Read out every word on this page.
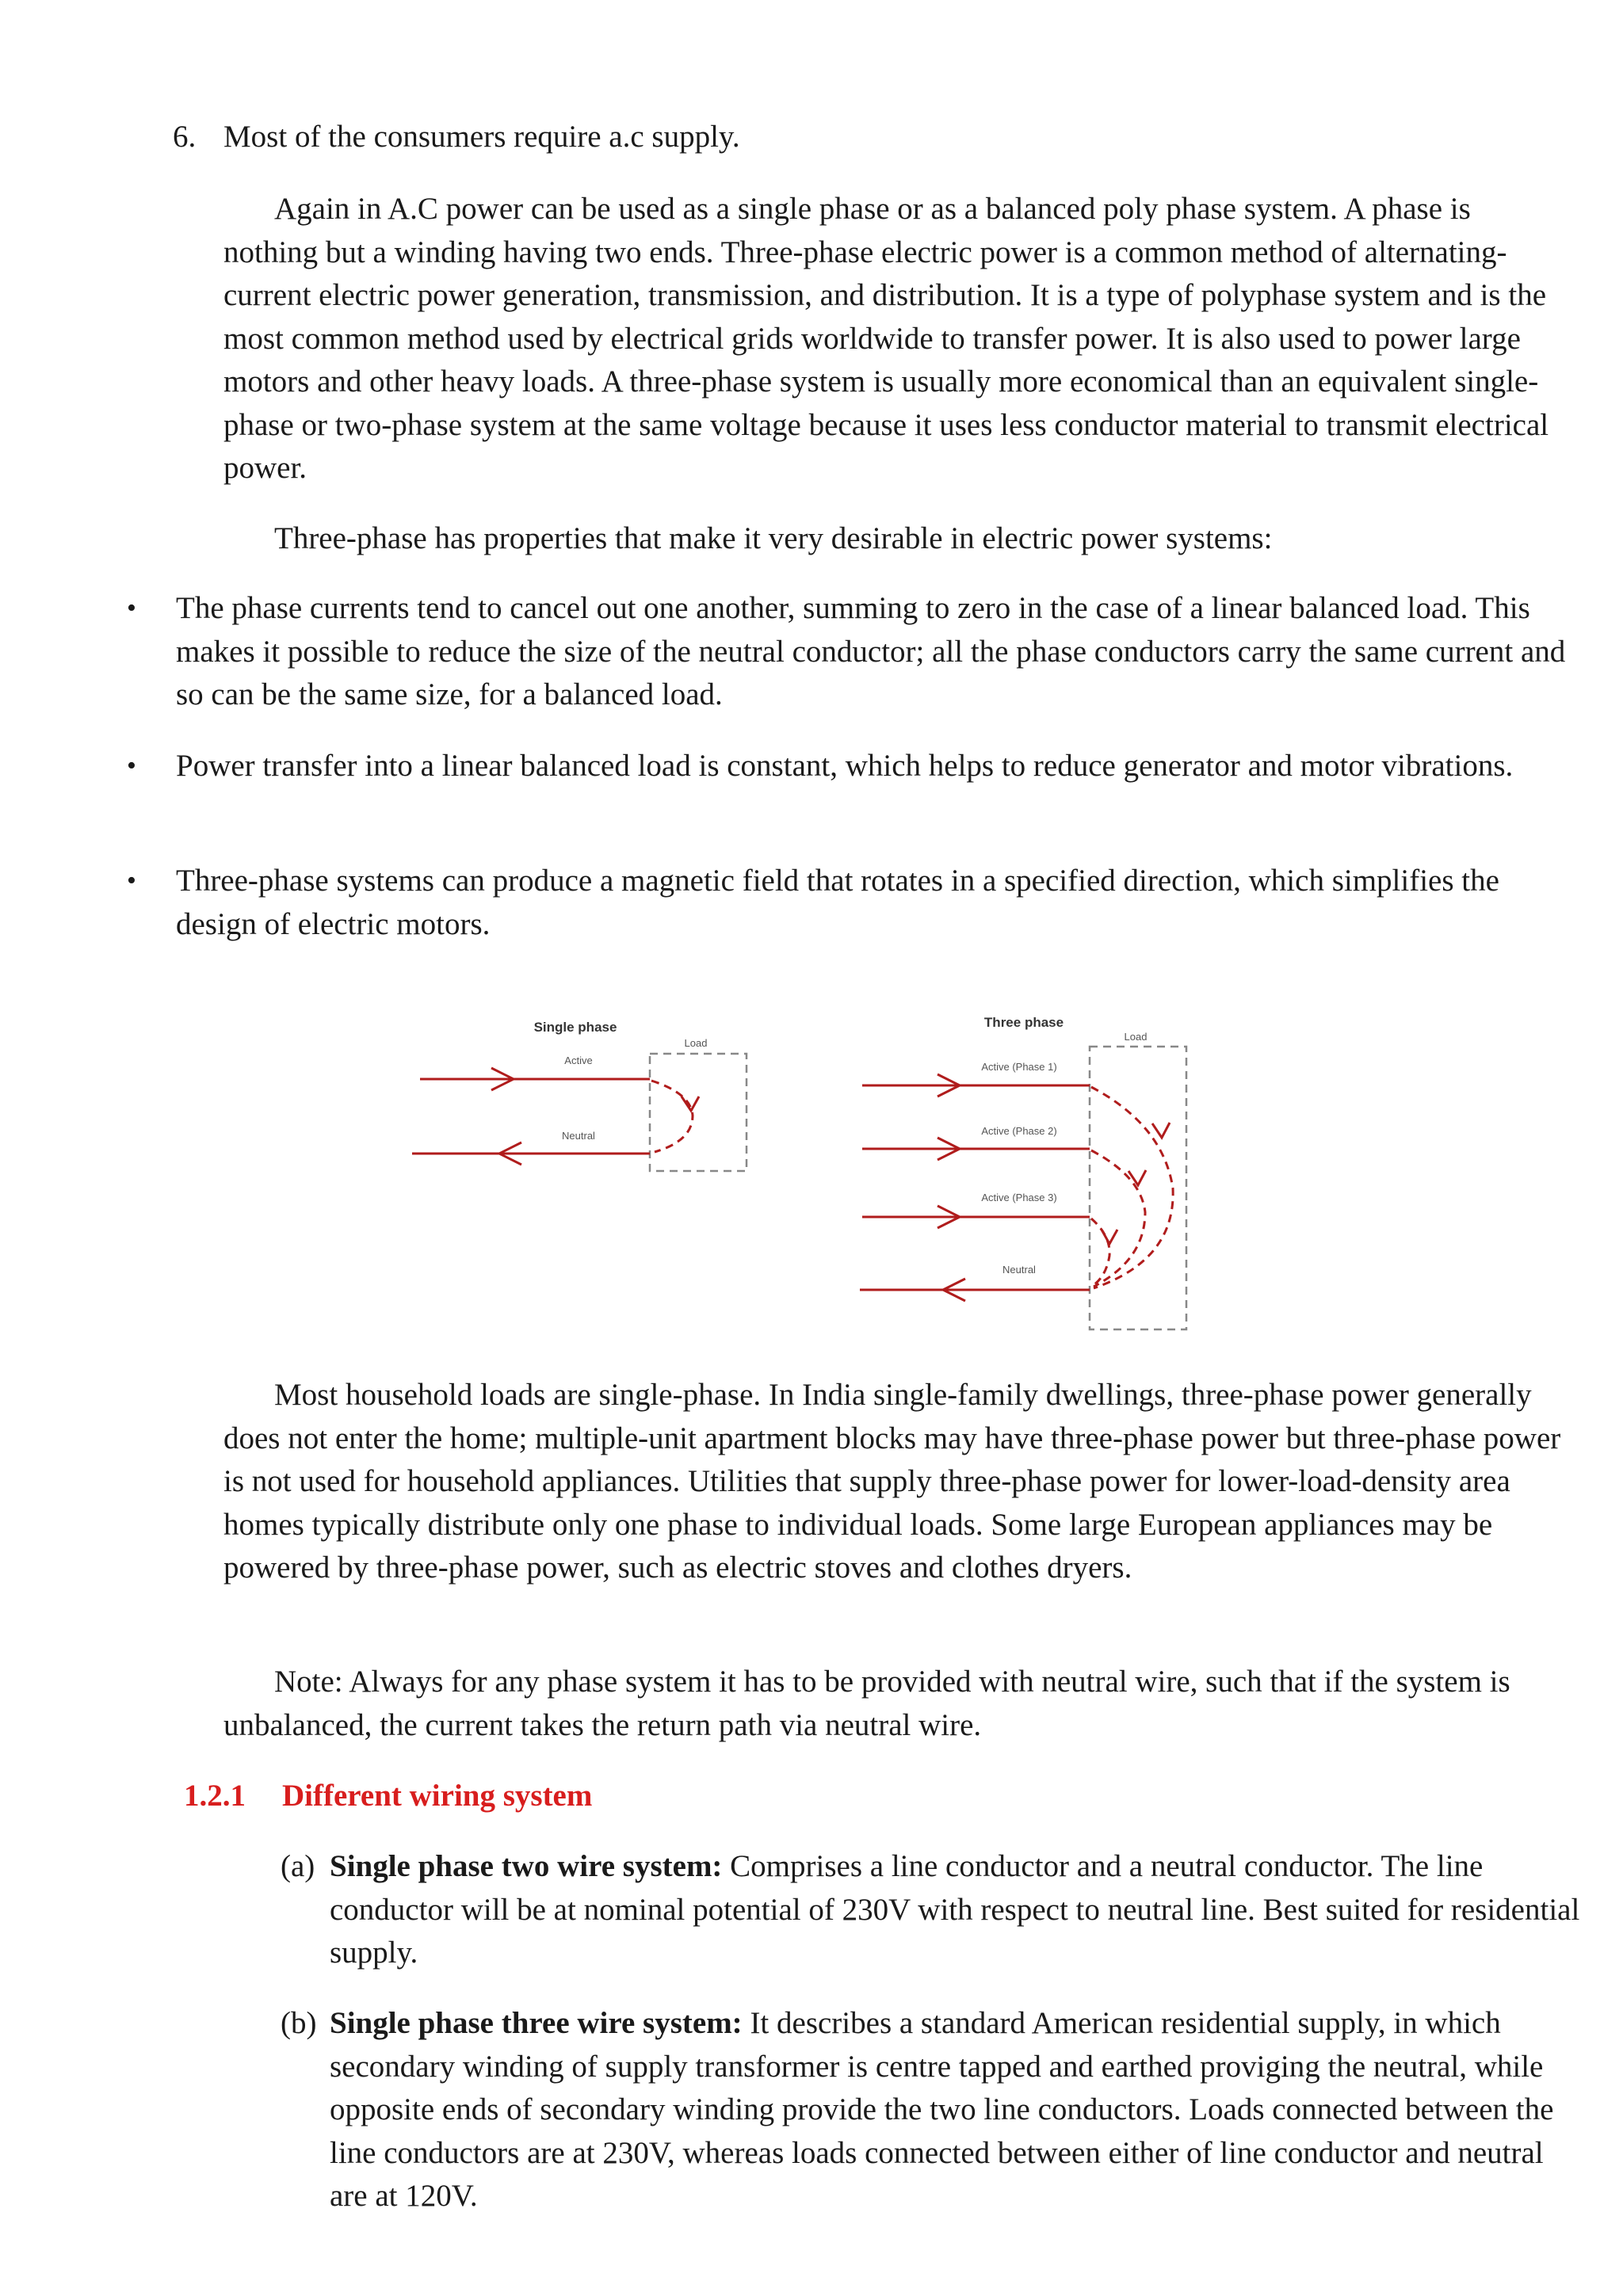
6. Most of the consumers require a.c supply.

Again in A.C power can be used as a single phase or as a balanced poly phase system. A phase is nothing but a winding having two ends. Three-phase electric power is a common method of alternating-current electric power generation, transmission, and distribution. It is a type of polyphase system and is the most common method used by electrical grids worldwide to transfer power. It is also used to power large motors and other heavy loads. A three-phase system is usually more economical than an equivalent single-phase or two-phase system at the same voltage because it uses less conductor material to transmit electrical power.

Three-phase has properties that make it very desirable in electric power systems:

• The phase currents tend to cancel out one another, summing to zero in the case of a linear balanced load. This makes it possible to reduce the size of the neutral conductor; all the phase conductors carry the same current and so can be the same size, for a balanced load.

• Power transfer into a linear balanced load is constant, which helps to reduce generator and motor vibrations.

• Three-phase systems can produce a magnetic field that rotates in a specified direction, which simplifies the design of electric motors.

Single phase
Load
Active
Neutral
Three phase
Load
Active (Phase 1)
Active (Phase 2)
Active (Phase 3)
Neutral

Most household loads are single-phase. In India single-family dwellings, three-phase power generally does not enter the home; multiple-unit apartment blocks may have three-phase power but three-phase power is not used for household appliances. Utilities that supply three-phase power for lower-load-density area homes typically distribute only one phase to individual loads. Some large European appliances may be powered by three-phase power, such as electric stoves and clothes dryers.

Note: Always for any phase system it has to be provided with neutral wire, such that if the system is unbalanced, the current takes the return path via neutral wire.

1.2.1 Different wiring system
(a) Single phase two wire system: Comprises a line conductor and a neutral conductor. The line conductor will be at nominal potential of 230V with respect to neutral line. Best suited for residential supply.

(b) Single phase three wire system: It describes a standard American residential supply, in which secondary winding of supply transformer is centre tapped and earthed proviging the neutral, while opposite ends of secondary winding provide the two line conductors. Loads connected between the line conductors are at 230V, whereas loads connected between either of line conductor and neutral are at 120V.
